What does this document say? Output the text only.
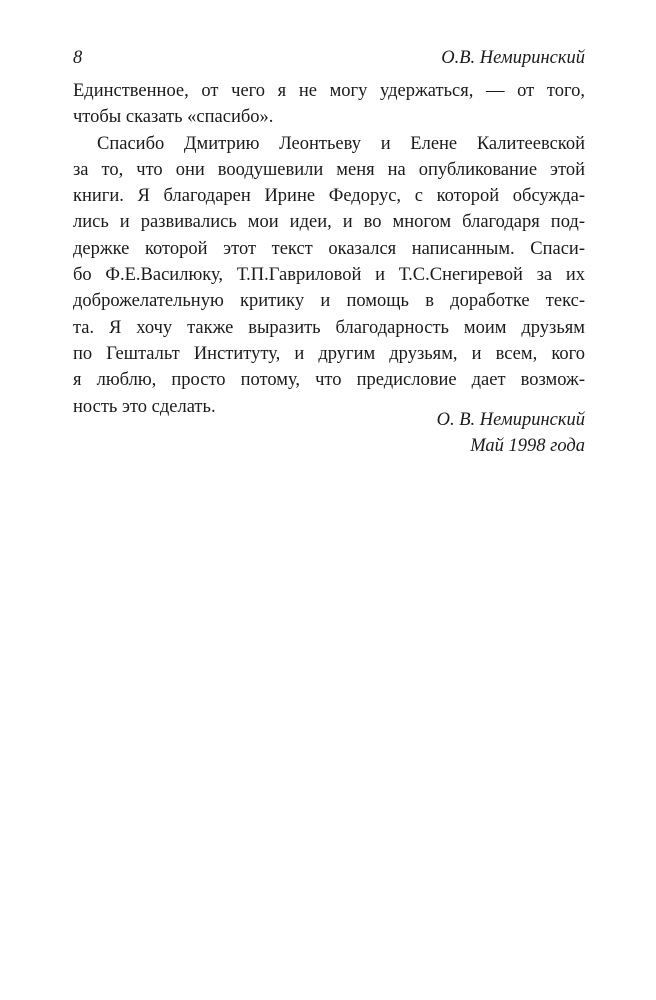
8	О.В. Немиринский

Единственное, от чего я не могу удержаться, — от того,
чтобы сказать «спасибо».

Спасибо Дмитрию Леонтьеву и Елене Калитеевской
за то, что они воодушевили меня на опубликование этой
книги. Я благодарен Ирине Федорус, с которой обсужда-
лись и развивались мои идеи, и во многом благодаря под-
держке которой этот текст оказался написанным. Спаси-
бо Ф.Е.Василюку, Т.П.Гавриловой и Т.С.Снегиревой за их
доброжелательную критику и помощь в доработке текс-
та. Я хочу также выразить благодарность моим друзьям
по Гештальт Институту, и другим друзьям, и всем, кого
я люблю, просто потому, что предисловие дает возмож-
ность это сделать.

О. В. Немиринский
Май 1998 года
